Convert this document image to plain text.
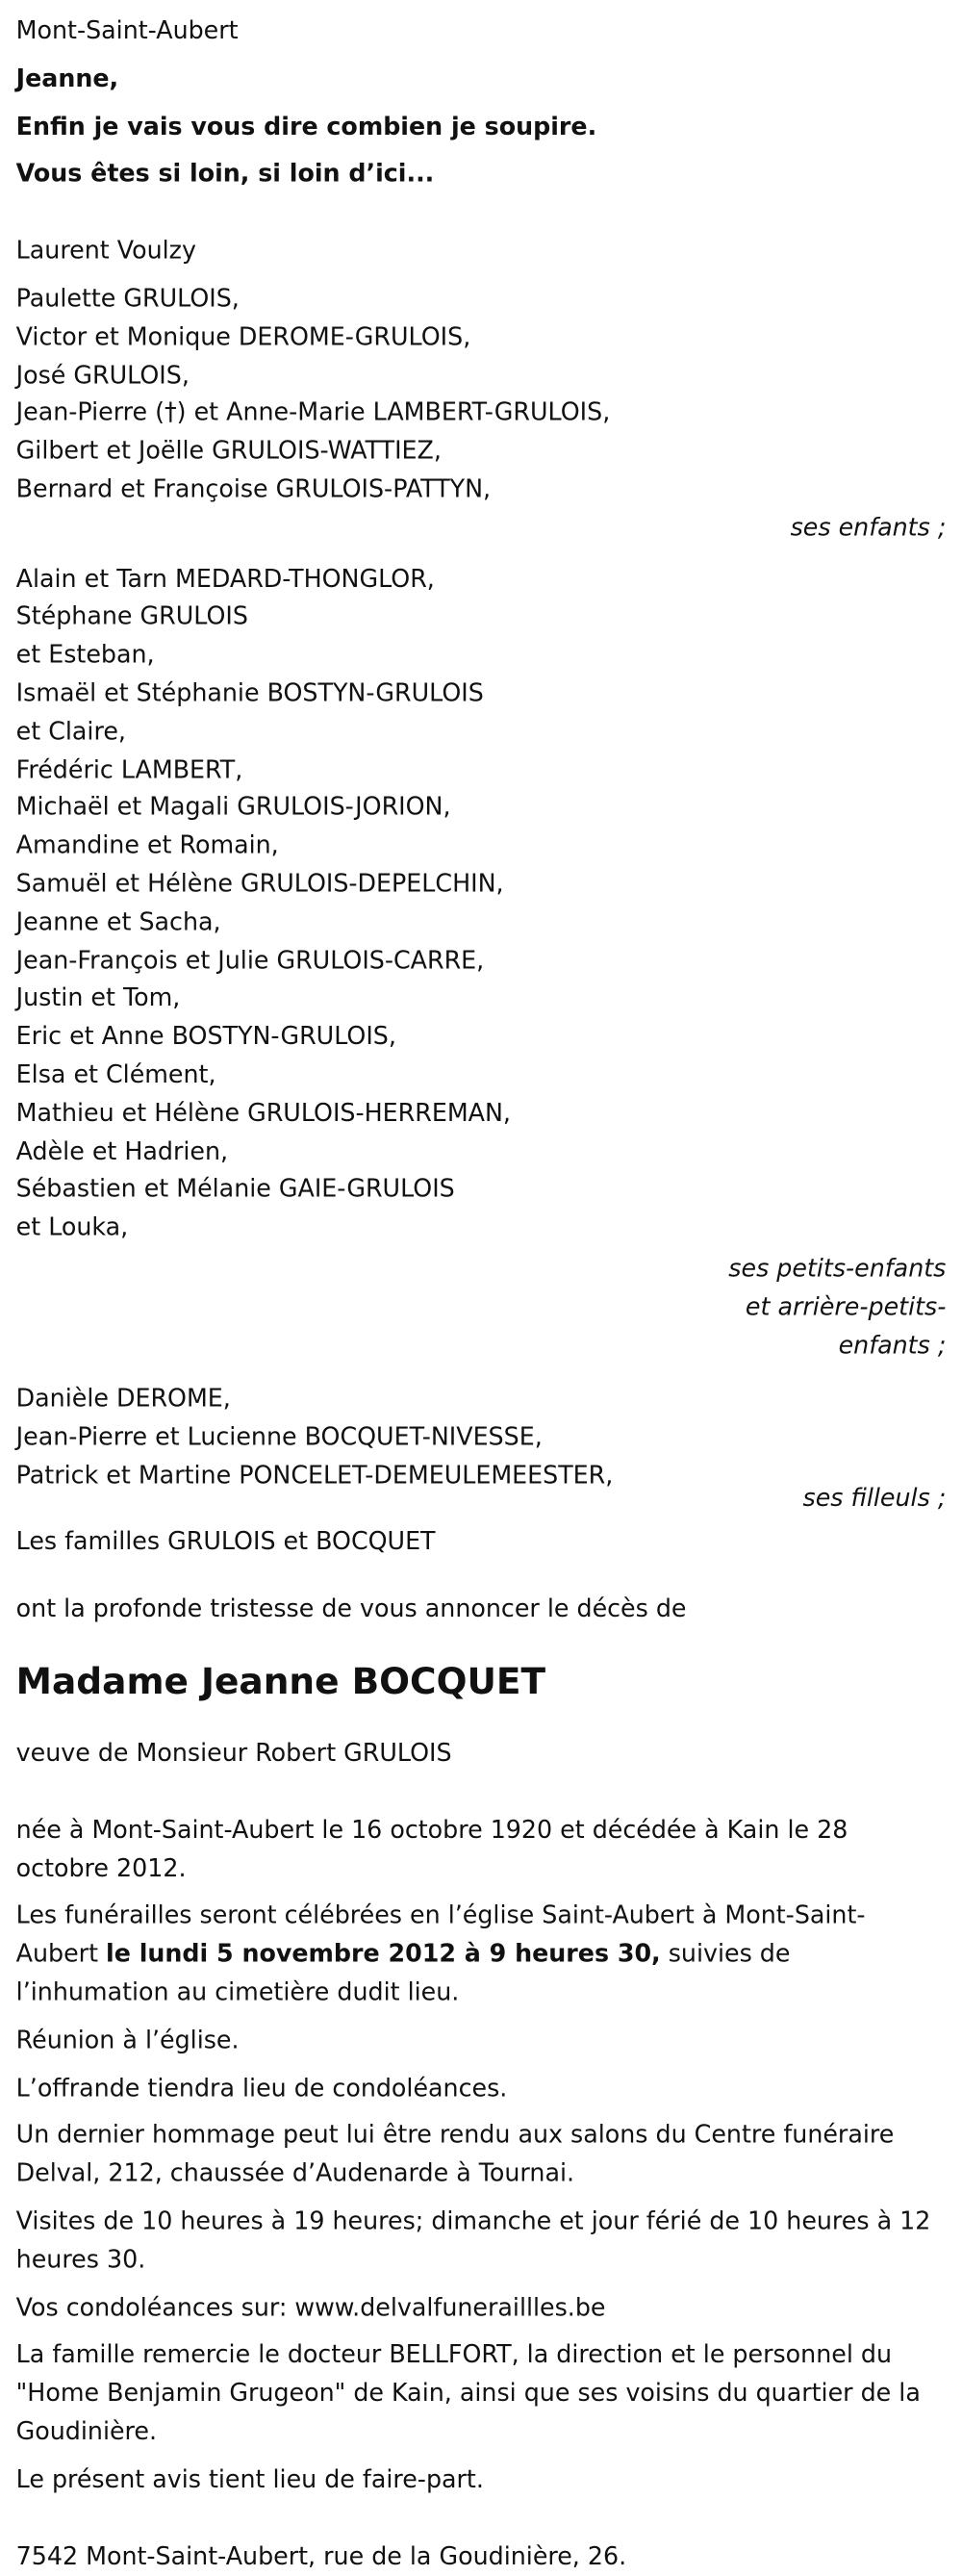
Mont-Saint-Aubert
Jeanne,
Enfin je vais vous dire combien je soupire.
Vous êtes si loin, si loin d’ici...
Laurent Voulzy
Paulette GRULOIS,
Victor et Monique DEROME-GRULOIS,
José GRULOIS,
Jean-Pierre (†) et Anne-Marie LAMBERT-GRULOIS,
Gilbert et Joëlle GRULOIS-WATTIEZ,
Bernard et Françoise GRULOIS-PATTYN,
ses enfants ;
Alain et Tarn MEDARD-THONGLOR,
Stéphane GRULOIS
et Esteban,
Ismaël et Stéphanie BOSTYN-GRULOIS
et Claire,
Frédéric LAMBERT,
Michaël et Magali GRULOIS-JORION,
Amandine et Romain,
Samuël et Hélène GRULOIS-DEPELCHIN,
Jeanne et Sacha,
Jean-François et Julie GRULOIS-CARRE,
Justin et Tom,
Eric et Anne BOSTYN-GRULOIS,
Elsa et Clément,
Mathieu et Hélène GRULOIS-HERREMAN,
Adèle et Hadrien,
Sébastien et Mélanie GAIE-GRULOIS
et Louka,
ses petits-enfants
et arrière-petits-
enfants ;
Danièle DEROME,
Jean-Pierre et Lucienne BOCQUET-NIVESSE,
Patrick et Martine PONCELET-DEMEULEMEESTER,
ses filleuls ;
Les familles GRULOIS et BOCQUET
ont la profonde tristesse de vous annoncer le décès de
Madame Jeanne BOCQUET
veuve de Monsieur Robert GRULOIS
née à Mont-Saint-Aubert le 16 octobre 1920 et décédée à Kain le 28 octobre 2012.
Les funérailles seront célébrées en l’église Saint-Aubert à Mont-Saint-Aubert le lundi 5 novembre 2012 à 9 heures 30, suivies de l’inhumation au cimetière dudit lieu.
Réunion à l’église.
L’offrande tiendra lieu de condoléances.
Un dernier hommage peut lui être rendu aux salons du Centre funéraire Delval, 212, chaussée d’Audenarde à Tournai.
Visites de 10 heures à 19 heures; dimanche et jour férié de 10 heures à 12 heures 30.
Vos condoléances sur: www.delvalfuneraillles.be
La famille remercie le docteur BELLFORT, la direction et le personnel du "Home Benjamin Grugeon" de Kain, ainsi que ses voisins du quartier de la Goudinière.
Le présent avis tient lieu de faire-part.
7542 Mont-Saint-Aubert, rue de la Goudinière, 26.
